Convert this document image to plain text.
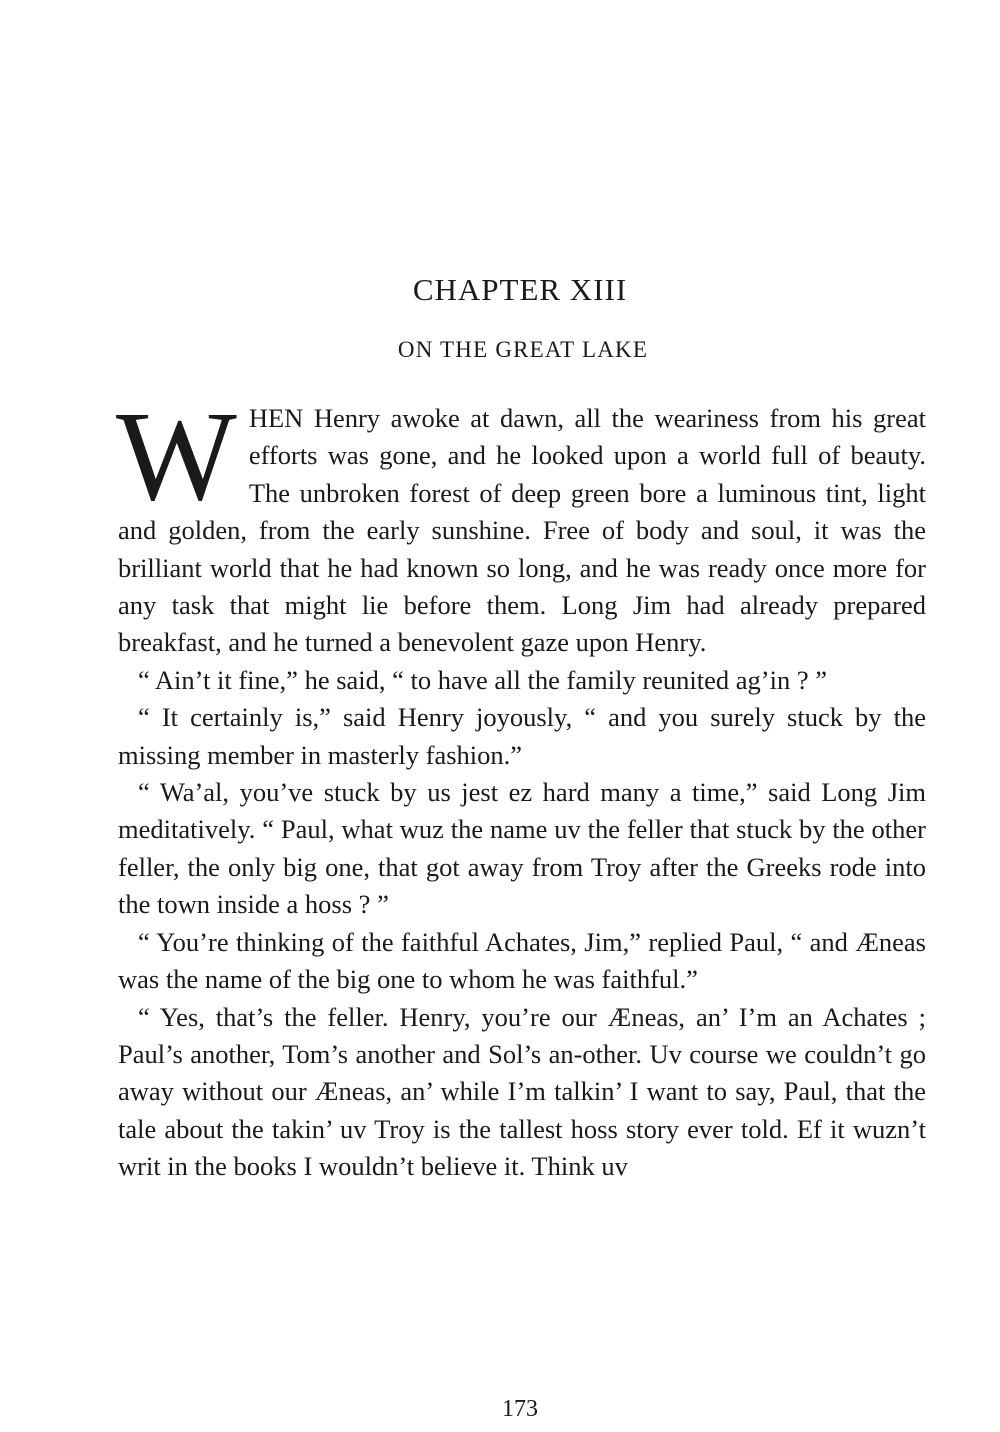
CHAPTER XIII
ON THE GREAT LAKE

WHEN Henry awoke at dawn, all the weariness from his great efforts was gone, and he looked upon a world full of beauty. The unbroken forest of deep green bore a luminous tint, light and golden, from the early sunshine. Free of body and soul, it was the brilliant world that he had known so long, and he was ready once more for any task that might lie before them. Long Jim had already prepared breakfast, and he turned a benevolent gaze upon Henry.

“ Ain’t it fine,” he said, “ to have all the family reunited ag’in ? ”

“ It certainly is,” said Henry joyously, “ and you surely stuck by the missing member in masterly fashion.”

“ Wa’al, you’ve stuck by us jest ez hard many a time,” said Long Jim meditatively. “ Paul, what wuz the name uv the feller that stuck by the other feller, the only big one, that got away from Troy after the Greeks rode into the town inside a hoss ? ”

“ You’re thinking of the faithful Achates, Jim,” replied Paul, “ and Æneas was the name of the big one to whom he was faithful.”

“ Yes, that’s the feller. Henry, you’re our Æneas, an’ I’m an Achates ; Paul’s another, Tom’s another and Sol’s an-other. Uv course we couldn’t go away without our Æneas, an’ while I’m talkin’ I want to say, Paul, that the tale about the takin’ uv Troy is the tallest hoss story ever told. Ef it wuzn’t writ in the books I wouldn’t believe it. Think uv

173
